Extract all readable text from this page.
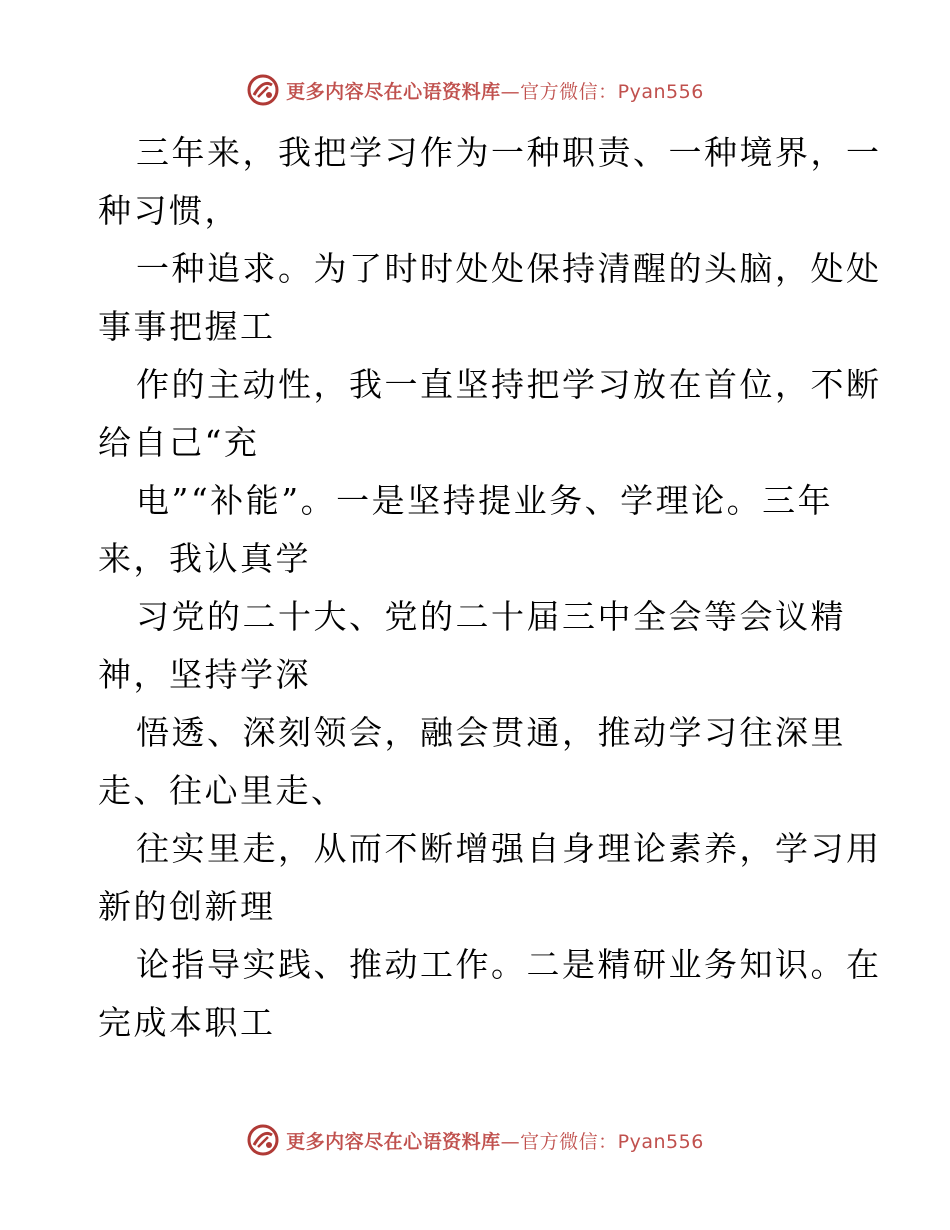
更多内容尽在心语资料库—官方微信：Pyan556
三年来，我把学习作为一种职责、一种境界，一
种习惯，
一种追求。为了时时处处保持清醒的头脑，处处
事事把握工
作的主动性，我一直坚持把学习放在首位，不断
给自己“充
电”“补能”。一是坚持提业务、学理论。三年
来，我认真学
习党的二十大、党的二十届三中全会等会议精
神，坚持学深
悟透、深刻领会，融会贯通，推动学习往深里
走、往心里走、
往实里走，从而不断增强自身理论素养，学习用
新的创新理
论指导实践、推动工作。二是精研业务知识。在
完成本职工
更多内容尽在心语资料库—官方微信：Pyan556
